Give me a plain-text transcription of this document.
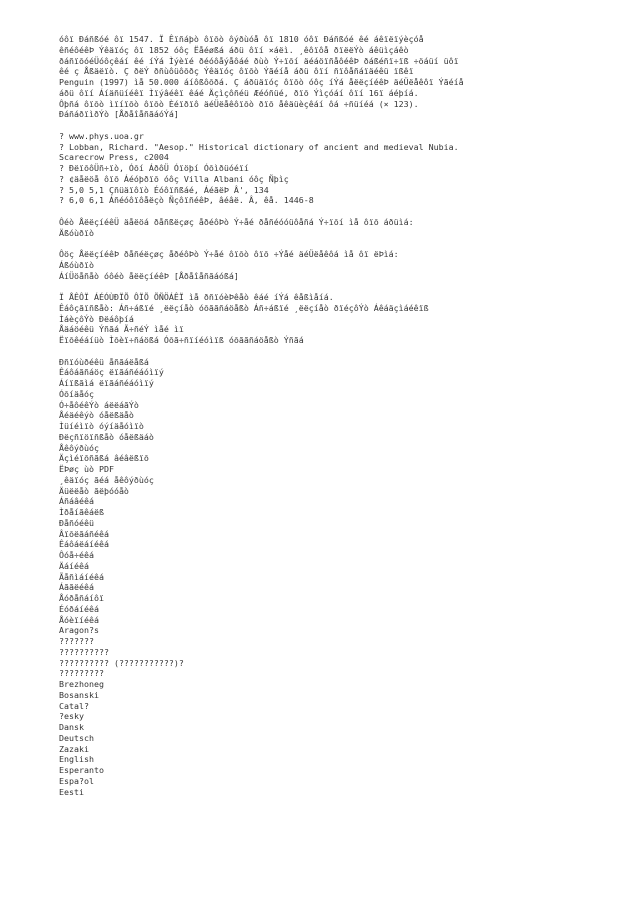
óôï Ðáñßóé ôï 1547. Ï Êïñáþò ôïõò ôýðùóå ôï 1810 óôï Ðáñßóé êé áêïëïýèçóå
êñéôéêÞ Ýêäïóç ôï 1852 óôç Ëåéøßá áðü ôïí ×áëì. ¸êôïôå ðïëëÝò áêüìçáêò
ðáñïõóéÜóôçêáí êé íÝá Ìýèïé ðéóôåýåôáé ðùò Ý÷ïõí äéáöïñåôéêÞ ðáßéñï÷ïß ÷öáüí üôï
êé ç Åßäëïò. Ç ðëÝ ðñùôüôõðç Ýêäïóç ôïõò Ýãéíå áðü ôïí ñïôåñáïäéêü ïßêï
Penguin (1997) ìå 50.000 áíôßôõðá. Ç áðüäïóç ôïõò óôç íÝá åëëçíéêÞ äéÜëåêôï Ýãéíå
áðü ôïí Áíäñüíéêï Ìïýâéêï êáé Äçìçôñéü Æéóñüé, ðïõ Ýìçóáí ôïí 16ï áéþíá.
Ôþñá ôïõò ìïíïõò ôïõò Èéïðïô äéÜëåêôïõò ðïõ åêäüèçêáí ôá ÷ñüíéá (× 123).
ÐáñáðïìðÝò [ÅðåîåñãáóÝá]
? www.phys.uoa.gr
? Lobban, Richard. "Aesop." Historical dictionary of ancient and medieval Nubia.
Scarecrow Press, c2004
? ÐëïõôÜñ÷ïò, Óõí ÁðôÜ Óïöþí Óõìðüóéïí
? ¢äåëöå ôïõ Áéóþðïõ óôç Villa Albani óôç Ñþìç
? 5,0 5,1 Çñüäïôïò Éóôïñßáé, ÁéãëÞ Â', 134
? 6,0 6,1 Áñéóôïôåëçò ÑçôïñéêÞ, âéâë. Â, êå. 1446-8
Ôéò ÅëëçíéêÜ äåëöá ðåñßëçøç åðéôÞò Ý÷åé ðåñéóóüôåñá Ý÷ïõí ìå ôïõ áðüìá:
Äßóùðïò
Ôöç ÅëëçíéêÞ ðåñéëçøç åðéôÞò Ý÷åé ôïõò ôïõ ÷Ýåé äéÜëåêôá ìå ôï ëÞìá:
Áßóùðïò
ÁíÜöåñåò óôéò åëëçíéêÞ [Åðåîåñãáóßá]
Ï ÅÊÔÏ ÁÉÓÙÐÏÕ ÔÏÕ ÕÑÖÁÊÏ ìå ðñïóèÞêåò êáé íÝá êåßìåíá.
Êáôçãïñßåò: Áñ÷áßïé ¸ëëçíåò óõããñáöåßò Áñ÷áßïé ¸ëëçíåò ðïéçôÝò Áêáäçìáéêïß
ÌáèçôÝò Ðëáôþíá
Åäáöéêü Ýñãá Ã÷ñéÝ ìåé ìï
Ëïõêéáíüò Ìõèï÷ñáößá Óõã÷ñïíéóìïß óõããñáöåßò Ýñãá
Ðñïóùðéêü åñãáëåßá
Êáôáãñáöç ëïãáñéáóìïý
Áíïßãìá ëïãáñéáóìïý
Óõíäåóç
Ó÷åôéêÝò áëëáãÝò
Åéäéêýò óåëßäåò
Ìüíéìïò óýíäåóìïò
Ðëçñïöïñßåò óåëßäáò
Åêôýðùóç
Äçìéïõñãßá âéâëßïõ
ËÞøç ùò PDF
¸êäïóç ãéá åêôýðùóç
Äüëëåò ãëþóóåò
Áñáâéêá
Ìðåíãêáëß
Ðåñóéêü
Âïõëãáñéêá
Êáôáëáíéêá
Ôóå÷éêá
Äáíéêá
Ãåñìáíéêá
Áããëéêá
Åóðåñáíôï
Éóðáíéêá
Åóèïíéêá
Aragon?s
???????
??????????
?????????? (???????????)?
?????????
Brezhoneg
Bosanski
Catal?
?esky
Dansk
Deutsch
Zazaki
English
Esperanto
Espa?ol
Eesti
